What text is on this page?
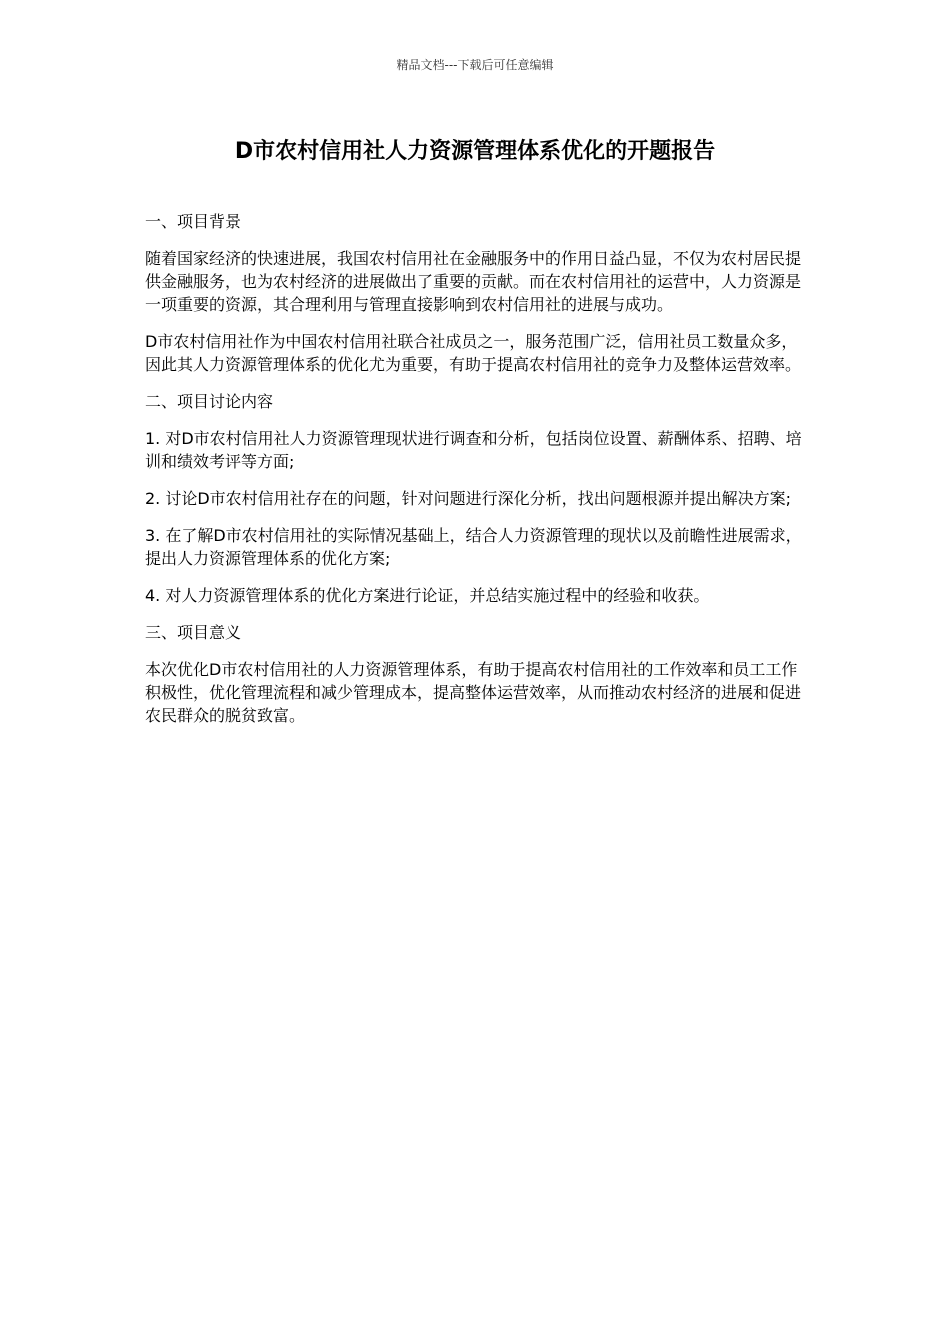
精品文档---下载后可任意编辑
D市农村信用社人力资源管理体系优化的开题报告

一、项目背景

随着国家经济的快速进展，我国农村信用社在金融服务中的作用日益凸显，不仅为农村居民提供金融服务，也为农村经济的进展做出了重要的贡献。而在农村信用社的运营中，人力资源是一项重要的资源，其合理利用与管理直接影响到农村信用社的进展与成功。

D市农村信用社作为中国农村信用社联合社成员之一，服务范围广泛，信用社员工数量众多，因此其人力资源管理体系的优化尤为重要，有助于提高农村信用社的竞争力及整体运营效率。

二、项目讨论内容

1. 对D市农村信用社人力资源管理现状进行调查和分析，包括岗位设置、薪酬体系、招聘、培训和绩效考评等方面;

2. 讨论D市农村信用社存在的问题，针对问题进行深化分析，找出问题根源并提出解决方案;

3. 在了解D市农村信用社的实际情况基础上，结合人力资源管理的现状以及前瞻性进展需求，提出人力资源管理体系的优化方案;

4. 对人力资源管理体系的优化方案进行论证，并总结实施过程中的经验和收获。

三、项目意义

本次优化D市农村信用社的人力资源管理体系，有助于提高农村信用社的工作效率和员工工作积极性，优化管理流程和减少管理成本，提高整体运营效率，从而推动农村经济的进展和促进农民群众的脱贫致富。
